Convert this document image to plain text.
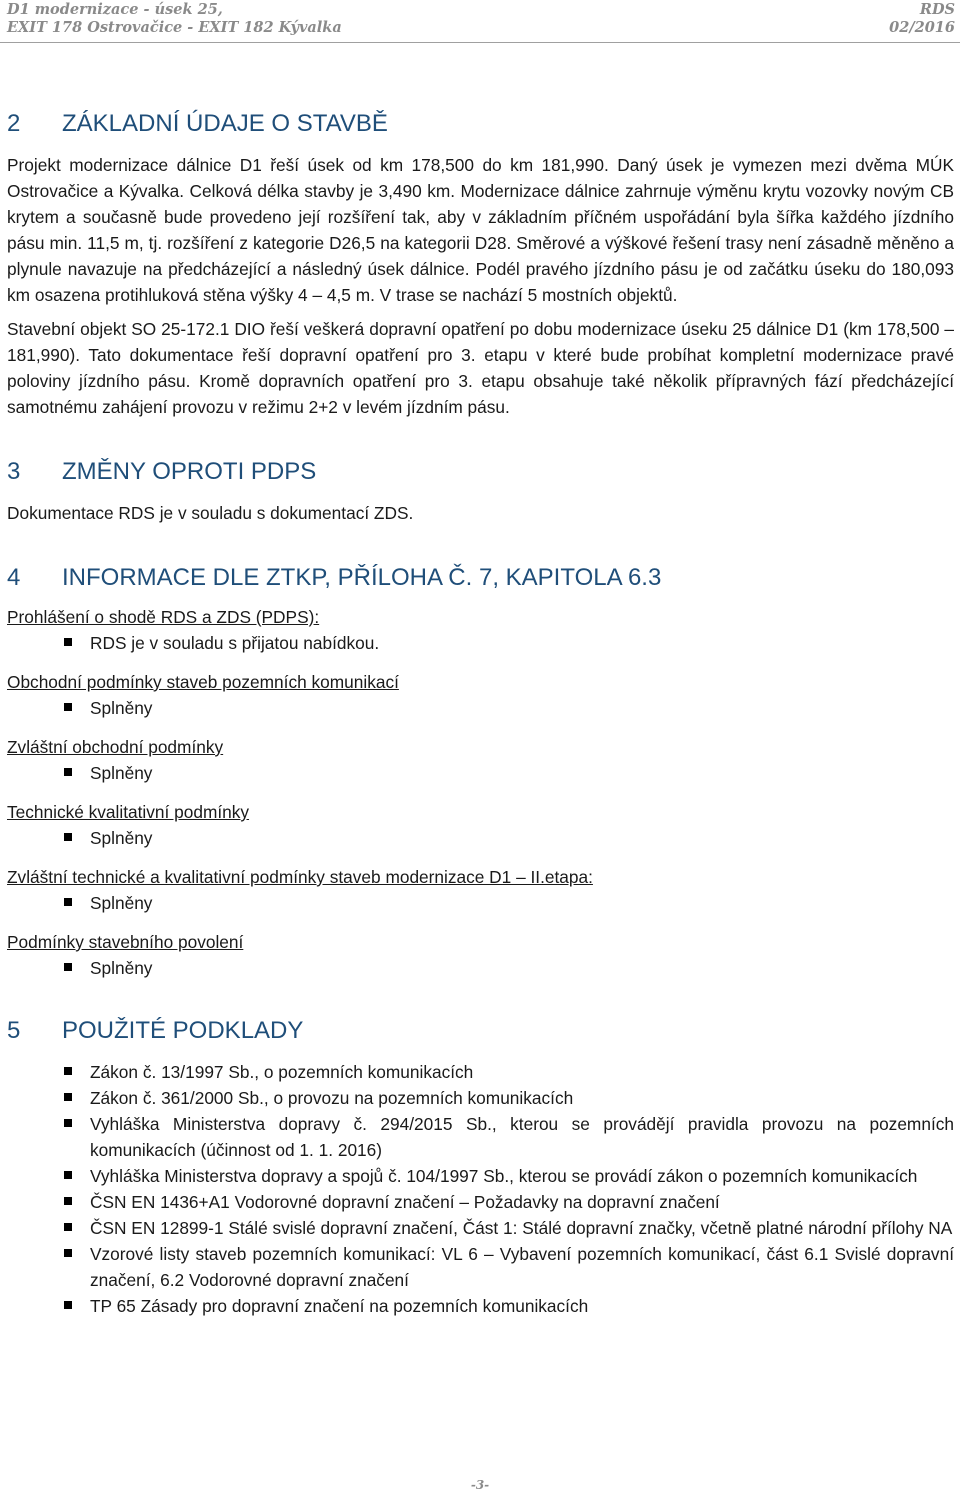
D1 modernizace - úsek 25,
EXIT 178 Ostrovačice - EXIT 182 Kývalka
RDS
02/2016
2	ZÁKLADNÍ ÚDAJE O STAVBĚ

Projekt modernizace dálnice D1 řeší úsek od km 178,500 do km 181,990. Daný úsek je vymezen mezi dvěma MÚK Ostrovačice a Kývalka. Celková délka stavby je 3,490 km. Modernizace dálnice zahrnuje výměnu krytu vozovky novým CB krytem a současně bude provedeno její rozšíření tak, aby v základním příčném uspořádání byla šířka každého jízdního pásu min. 11,5 m, tj. rozšíření z kategorie D26,5 na kategorii D28. Směrové a výškové řešení trasy není zásadně měněno a plynule navazuje na předcházející a následný úsek dálnice. Podél pravého jízdního pásu je od začátku úseku do 180,093 km osazena protihluková stěna výšky 4 – 4,5 m. V trase se nachází 5 mostních objektů.

Stavební objekt SO 25-172.1 DIO řeší veškerá dopravní opatření po dobu modernizace úseku 25 dálnice D1 (km 178,500 – 181,990). Tato dokumentace řeší dopravní opatření pro 3. etapu v které bude probíhat kompletní modernizace pravé poloviny jízdního pásu. Kromě dopravních opatření pro 3. etapu obsahuje také několik přípravných fází předcházející samotnému zahájení provozu v režimu 2+2 v levém jízdním pásu.

3	ZMĚNY OPROTI PDPS

Dokumentace RDS je v souladu s dokumentací ZDS.

4	INFORMACE DLE ZTKP, PŘÍLOHA Č. 7, KAPITOLA 6.3
Prohlášení o shodě RDS a ZDS (PDPS):
RDS je v souladu s přijatou nabídkou.
Obchodní podmínky staveb pozemních komunikací
Splněny
Zvláštní obchodní podmínky
Splněny
Technické kvalitativní podmínky
Splněny
Zvláštní technické a kvalitativní podmínky staveb modernizace D1 – II.etapa:
Splněny
Podmínky stavebního povolení
Splněny
5	POUŽITÉ PODKLADY
Zákon č. 13/1997 Sb., o pozemních komunikacích
Zákon č. 361/2000 Sb., o provozu na pozemních komunikacích
Vyhláška Ministerstva dopravy č. 294/2015 Sb., kterou se provádějí pravidla provozu na pozemních komunikacích (účinnost od 1. 1. 2016)
Vyhláška Ministerstva dopravy a spojů č. 104/1997 Sb., kterou se provádí zákon o pozemních komunikacích
ČSN EN 1436+A1 Vodorovné dopravní značení – Požadavky na dopravní značení
ČSN EN 12899-1 Stálé svislé dopravní značení, Část 1: Stálé dopravní značky, včetně platné národní přílohy NA
Vzorové listy staveb pozemních komunikací: VL 6 – Vybavení pozemních komunikací, část 6.1 Svislé dopravní značení, 6.2 Vodorovné dopravní značení
TP 65 Zásady pro dopravní značení na pozemních komunikacích
-3-
